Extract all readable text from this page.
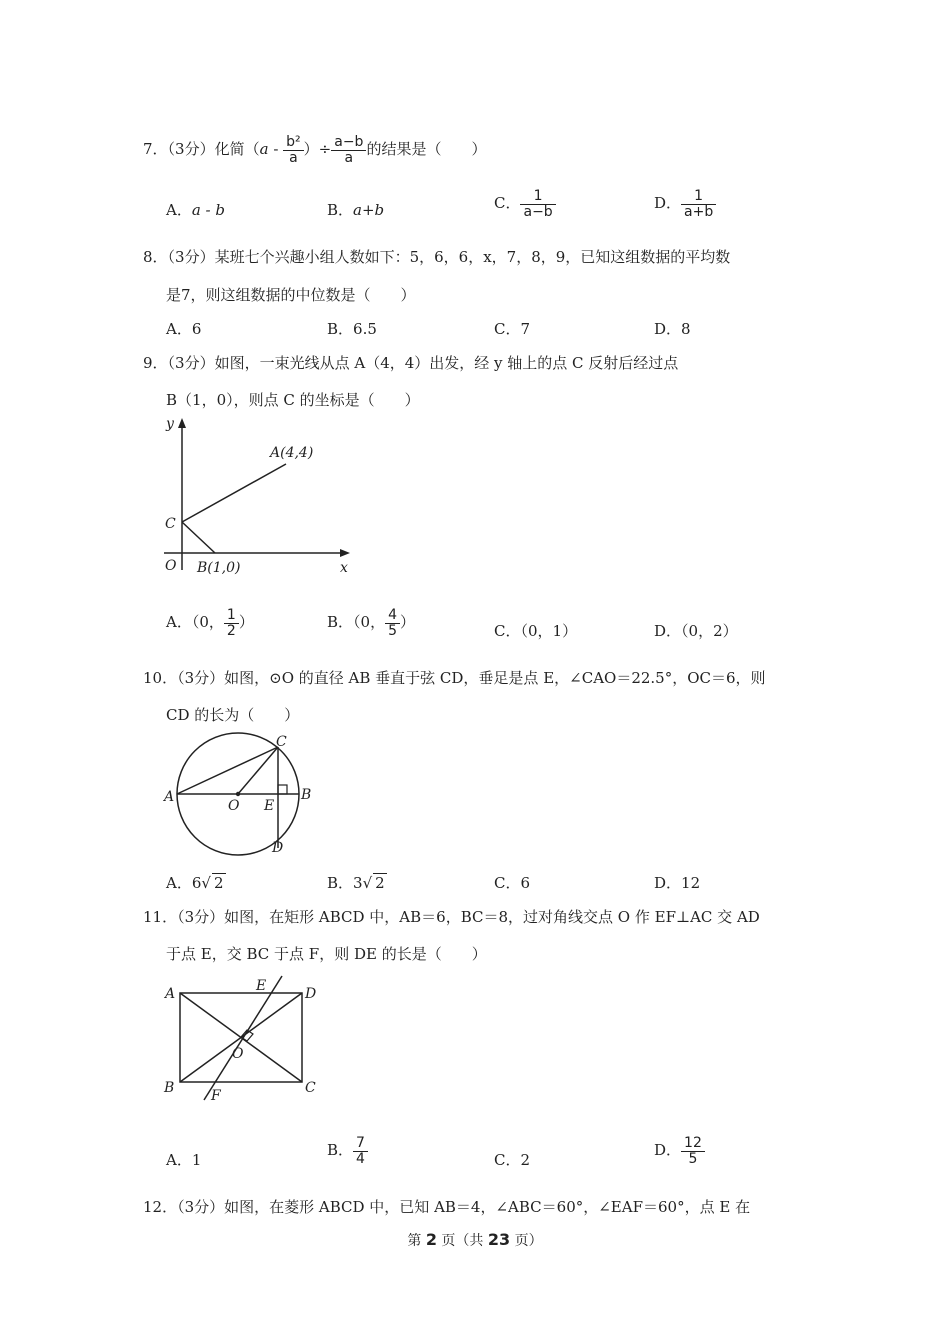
7．（3分）化简（$a - \frac{\text{b²}}{a}$ ）÷ $\frac{a-b}{a}$ 的结果是（　　）
A．a - b	B．a+b	C． $\frac{1}{a-b}$	D． $\frac{1}{a+b}$
8．（3分）某班七个兴趣小组人数如下：5，6，6，x，7，8，9，已知这组数据的平均数
是7，则这组数据的中位数是（　　）
A．6	B．6.5	C．7	D．8
9．（3分）如图，一束光线从点 A（4，4）出发，经 y 轴上的点 C 反射后经过点
B（1，0），则点 C 的坐标是（　　）
y
x
O
C
A(4,4)
B(1,0)
A．（0， $\frac{1}{2}$ ）	B．（0， $\frac{4}{5}$ ）	C．（0，1）	D．（0，2）
10．（3分）如图，⊙O 的直径 AB 垂直于弦 CD，垂足是点 E，∠CAO＝22.5°，OC＝6，则
CD 的长为（　　）
A	B
C
D
O E
A．6√ 2	B．3√ 2	C．6	D．12
11．（3分）如图，在矩形 ABCD 中，AB＝6，BC＝8，过对角线交点 O 作 EF⊥AC 交 AD
于点 E，交 BC 于点 F，则 DE 的长是（　　）
A
B	C
D
E
F
O
A．1
B． $\frac{7}{4}$	C．2
D． $\frac{12}{5}$
12．（3分）如图，在菱形 ABCD 中，已知 AB＝4，∠ABC＝60°，∠EAF＝60°，点 E 在
第 2 页（共 23 页）
